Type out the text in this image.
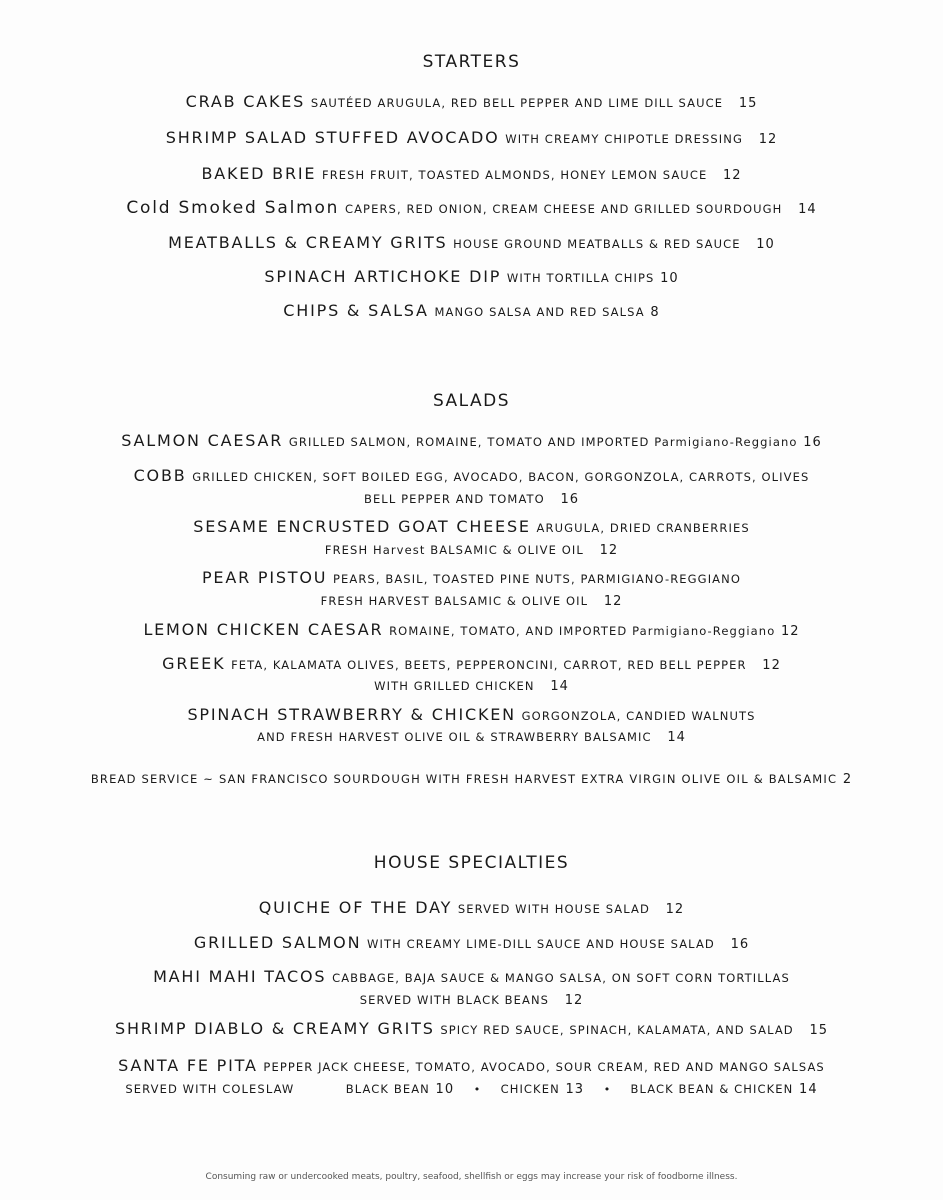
STARTERS
CRAB CAKES SAUTÉED ARUGULA, RED BELL PEPPER AND LIME DILL SAUCE 15
SHRIMP SALAD STUFFED AVOCADO WITH CREAMY CHIPOTLE DRESSING 12
BAKED BRIE FRESH FRUIT, TOASTED ALMONDS, HONEY LEMON SAUCE 12
Cold Smoked Salmon CAPERS, RED ONION, CREAM CHEESE AND GRILLED SOURDOUGH 14
MEATBALLS & CREAMY GRITS HOUSE GROUND MEATBALLS & RED SAUCE 10
SPINACH ARTICHOKE DIP WITH TORTILLA CHIPS 10
CHIPS & SALSA MANGO SALSA AND RED SALSA 8
SALADS
SALMON CAESAR GRILLED SALMON, ROMAINE, TOMATO AND IMPORTED Parmigiano-Reggiano 16
COBB GRILLED CHICKEN, SOFT BOILED EGG, AVOCADO, BACON, GORGONZOLA, CARROTS, OLIVES
BELL PEPPER AND TOMATO 16
SESAME ENCRUSTED GOAT CHEESE ARUGULA, DRIED CRANBERRIES
FRESH Harvest BALSAMIC & OLIVE OIL 12
PEAR PISTOU PEARS, BASIL, TOASTED PINE NUTS, PARMIGIANO-REGGIANO
FRESH HARVEST BALSAMIC & OLIVE OIL 12
LEMON CHICKEN CAESAR ROMAINE, TOMATO, AND IMPORTED Parmigiano-Reggiano 12
GREEK FETA, KALAMATA OLIVES, BEETS, PEPPERONCINI, CARROT, RED BELL PEPPER 12
WITH GRILLED CHICKEN 14
SPINACH STRAWBERRY & CHICKEN GORGONZOLA, CANDIED WALNUTS
AND FRESH HARVEST OLIVE OIL & STRAWBERRY BALSAMIC 14
BREAD SERVICE ~ SAN FRANCISCO SOURDOUGH WITH FRESH HARVEST EXTRA VIRGIN OLIVE OIL & BALSAMIC 2
HOUSE SPECIALTIES
QUICHE OF THE DAY SERVED WITH HOUSE SALAD 12
GRILLED SALMON WITH CREAMY LIME-DILL SAUCE AND HOUSE SALAD 16
MAHI MAHI TACOS CABBAGE, BAJA SAUCE & MANGO SALSA, ON SOFT CORN TORTILLAS
SERVED WITH BLACK BEANS 12
SHRIMP DIABLO & CREAMY GRITS SPICY RED SAUCE, SPINACH, KALAMATA, AND SALAD 15
SANTA FE PITA PEPPER JACK CHEESE, TOMATO, AVOCADO, SOUR CREAM, RED AND MANGO SALSAS
SERVED WITH COLESLAW	BLACK BEAN 10 • CHICKEN 13 • BLACK BEAN & CHICKEN 14
Consuming raw or undercooked meats, poultry, seafood, shellfish or eggs may increase your risk of foodborne illness.
